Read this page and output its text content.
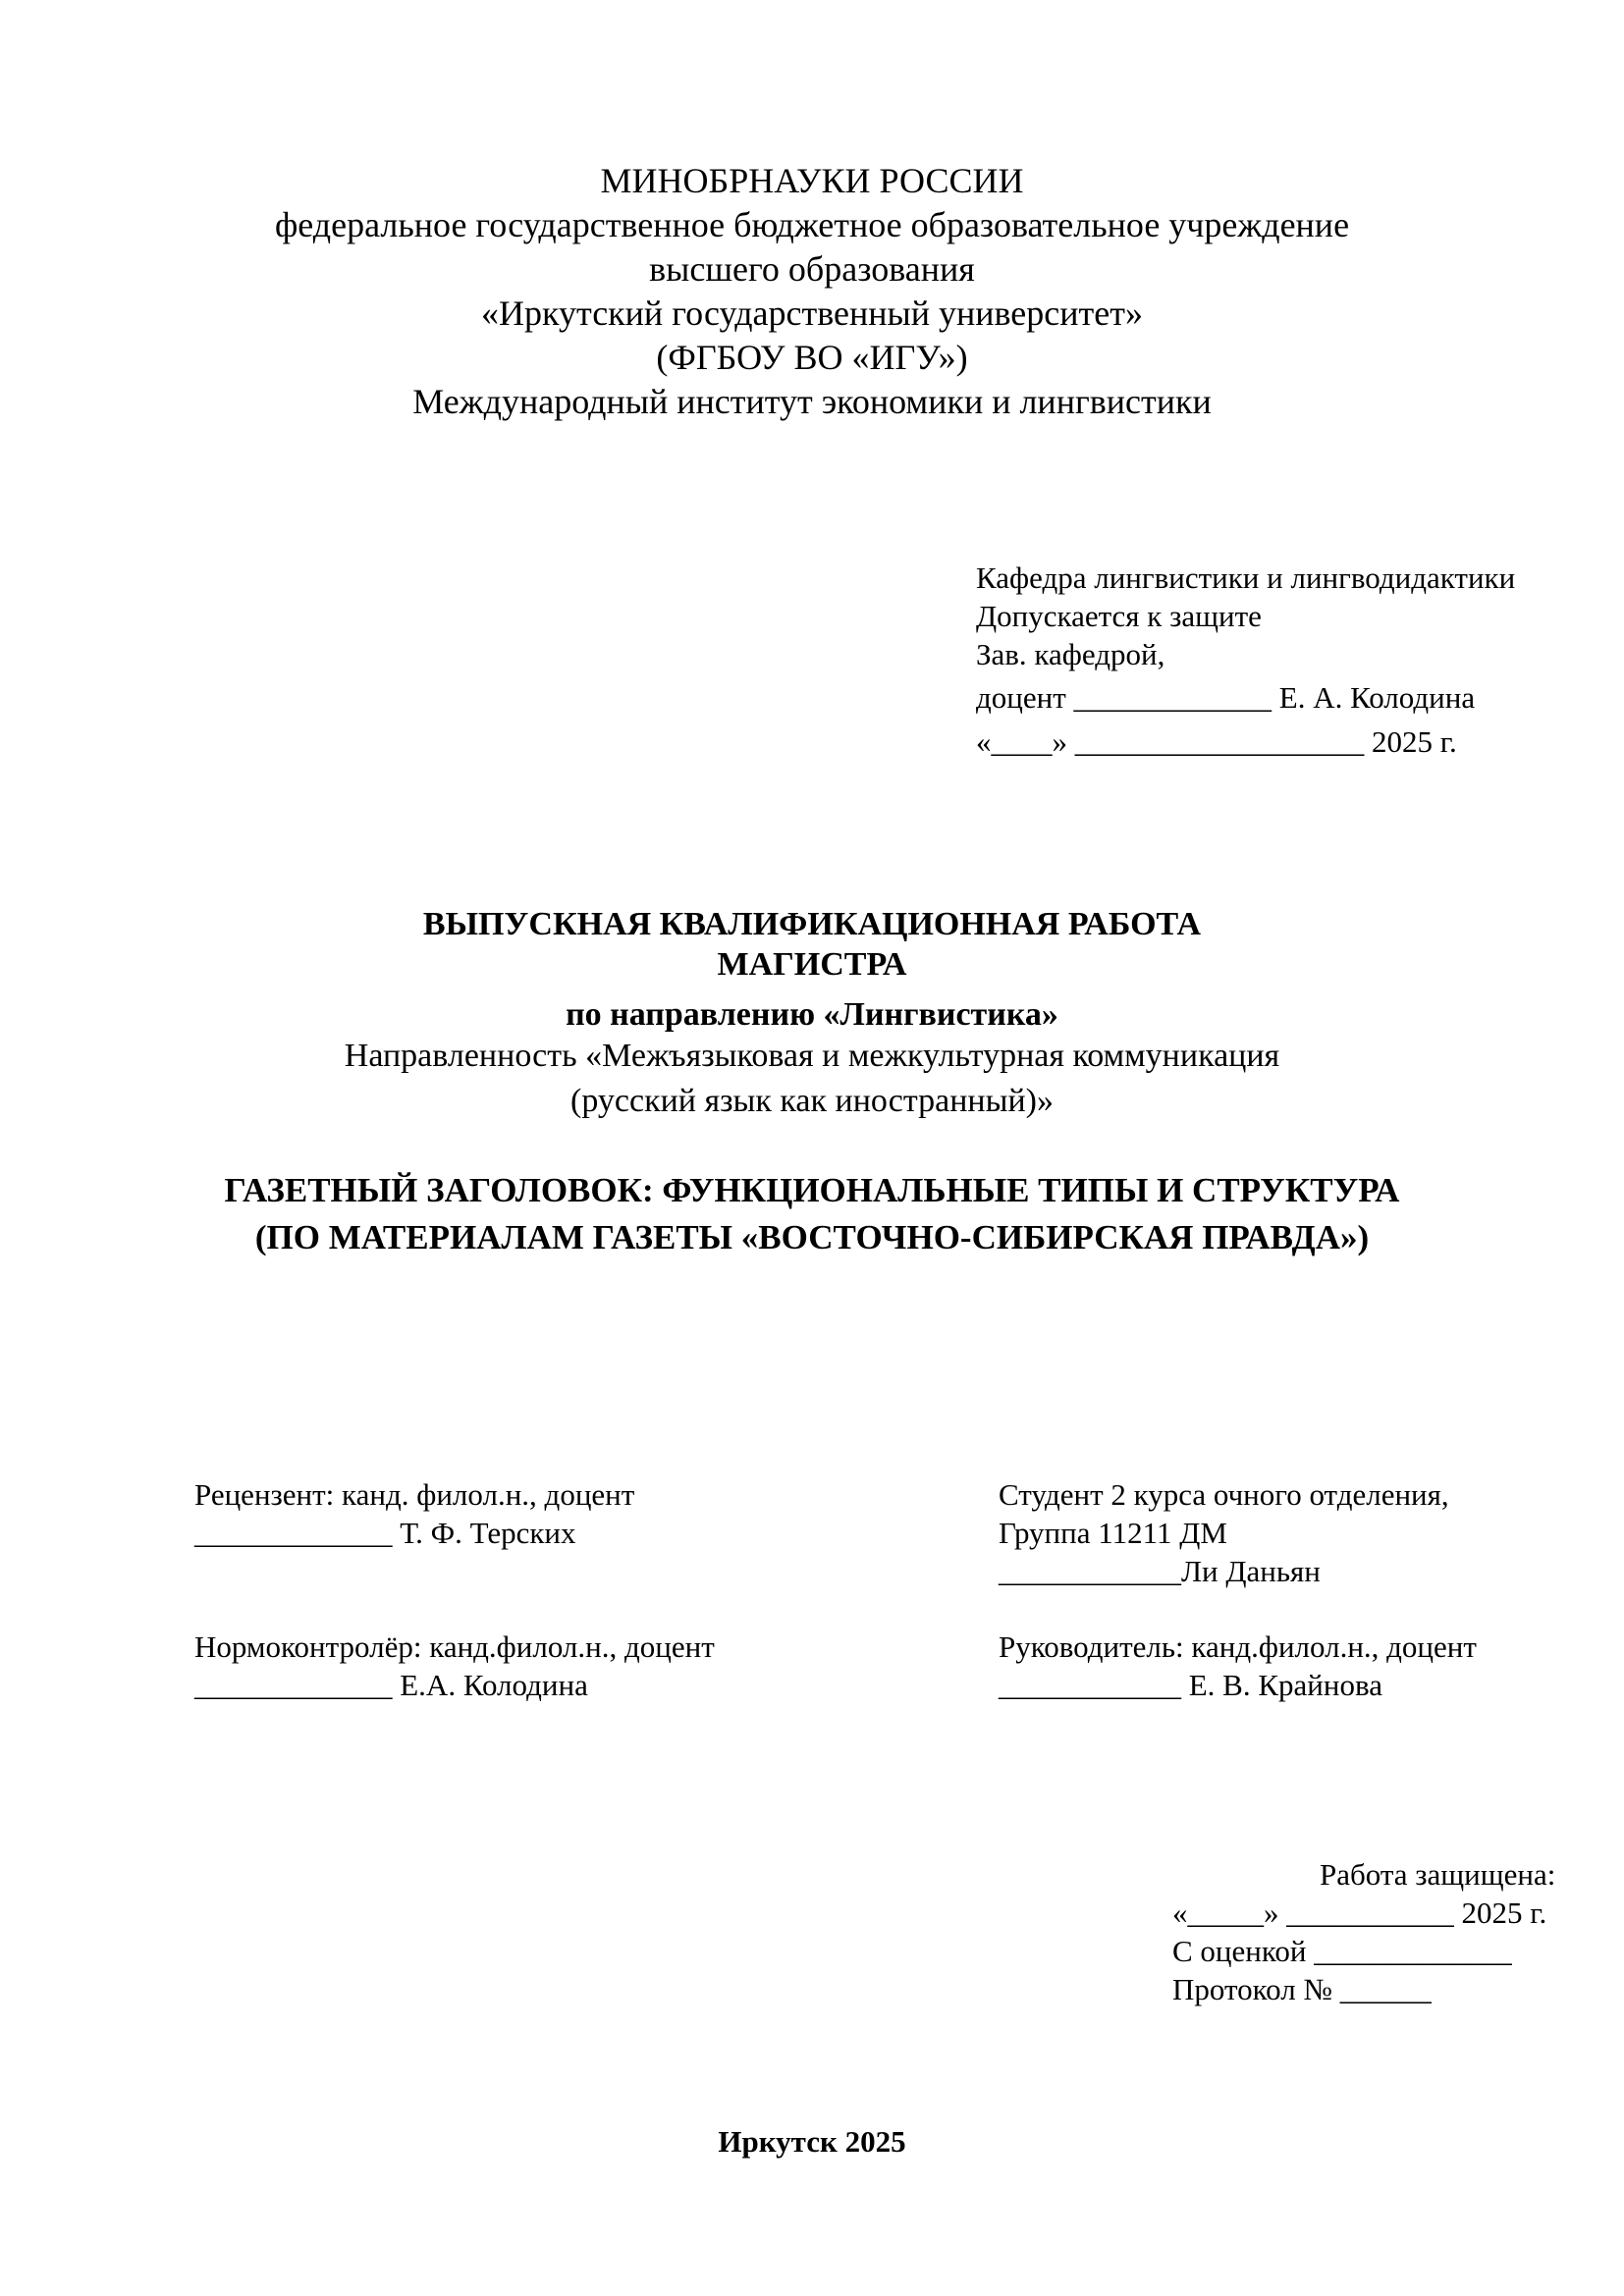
МИНОБРНАУКИ РОССИИ
федеральное государственное бюджетное образовательное учреждение
высшего образования
«Иркутский государственный университет»
(ФГБОУ ВО «ИГУ»)
Международный институт экономики и лингвистики
Кафедра лингвистики и лингводидактики
Допускается к защите
Зав. кафедрой,
доцент _____________ Е. А. Колодина
«____» ___________________ 2025 г.
ВЫПУСКНАЯ КВАЛИФИКАЦИОННАЯ РАБОТА
МАГИСТРА
по направлению «Лингвистика»
Направленность «Межъязыковая и межкультурная коммуникация
(русский язык как иностранный)»
ГАЗЕТНЫЙ ЗАГОЛОВОК: ФУНКЦИОНАЛЬНЫЕ ТИПЫ И СТРУКТУРА
(ПО МАТЕРИАЛАМ ГАЗЕТЫ «ВОСТОЧНО-СИБИРСКАЯ ПРАВДА»)
Рецензент: канд. филол.н., доцент
_____________ Т. Ф. Терских
Нормоконтролёр: канд.филол.н., доцент
_____________ Е.А. Колодина
Студент 2 курса очного отделения,
Группа 11211 ДМ
____________Ли Даньян
Руководитель: канд.филол.н., доцент
____________ Е. В. Крайнова
Работа защищена:
«_____» ___________ 2025 г.
С оценкой _____________
Протокол № ______
Иркутск 2025
